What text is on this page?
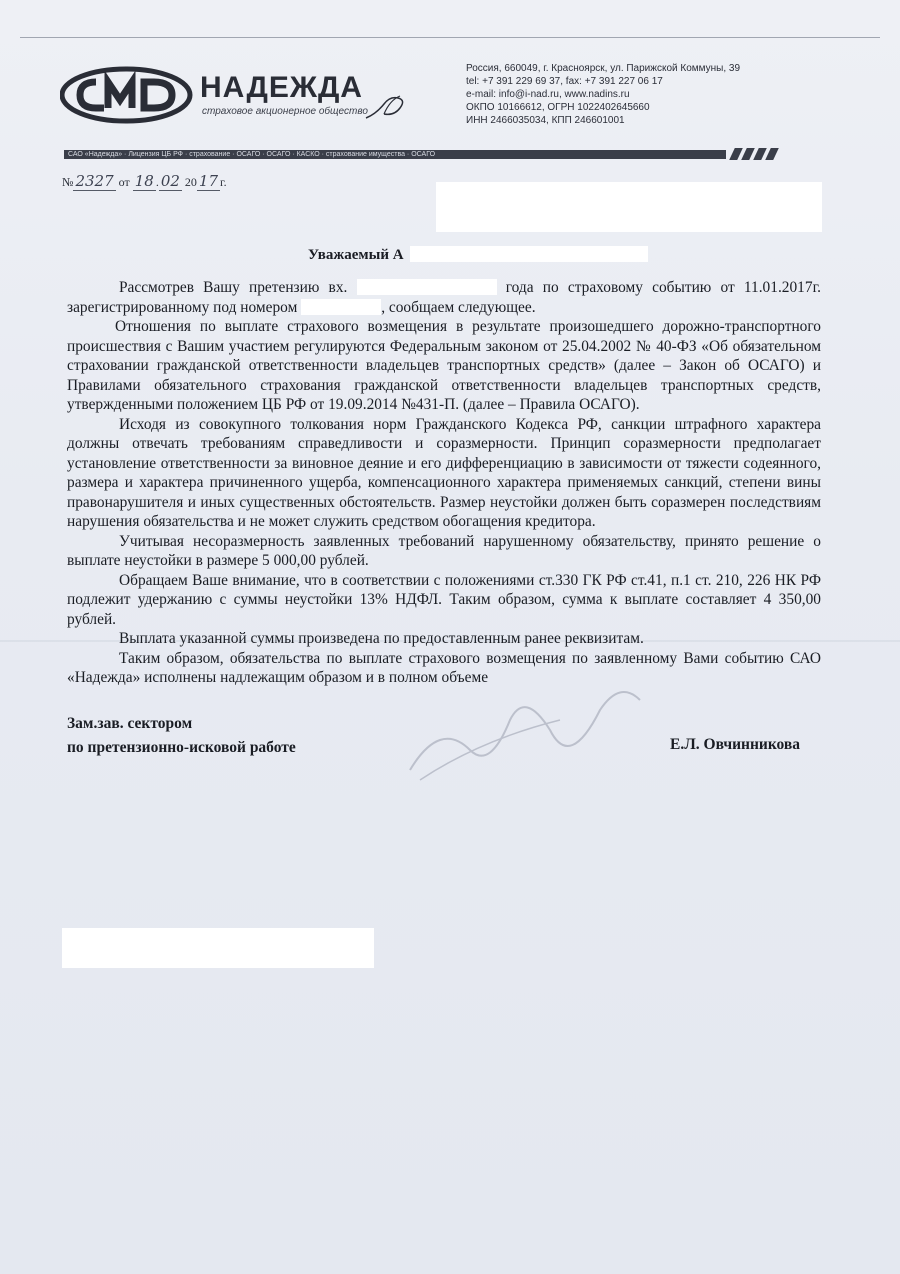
НАДЕЖДА
страховое акционерное общество
Россия, 660049, г. Красноярск, ул. Парижской Коммуны, 39
tel: +7 391 229 69 37, fax: +7 391 227 06 17
e-mail: info@i-nad.ru, www.nadins.ru
ОКПО 10166612, ОГРН 1022402645660
ИНН 2466035034, КПП 246601001
САО «Надежда» · Лицензия ЦБ РФ · страхование · ОСАГО · ОСАГО · КАСКО · страхование имущества · ОСАГО
№ 2327 от 18 . 02 20 17 г.
Уважаемый А

Рассмотрев Вашу претензию вх.	года по страховому событию от 11.01.2017г. зарегистрированному под номером	, сообщаем следующее.

Отношения по выплате страхового возмещения в результате произошедшего дорожно-транспортного происшествия с Вашим участием регулируются Федеральным законом от 25.04.2002 № 40-ФЗ «Об обязательном страховании гражданской ответственности владельцев транспортных средств» (далее – Закон об ОСАГО) и Правилами обязательного страхования гражданской ответственности владельцев транспортных средств, утвержденными положением ЦБ РФ от 19.09.2014 №431-П. (далее – Правила ОСАГО).

Исходя из совокупного толкования норм Гражданского Кодекса РФ, санкции штрафного характера должны отвечать требованиям справедливости и соразмерности. Принцип соразмерности предполагает установление ответственности за виновное деяние и его дифференциацию в зависимости от тяжести содеянного, размера и характера причиненного ущерба, компенсационного характера применяемых санкций, степени вины правонарушителя и иных существенных обстоятельств. Размер неустойки должен быть соразмерен последствиям нарушения обязательства и не может служить средством обогащения кредитора.

Учитывая несоразмерность заявленных требований нарушенному обязательству, принято решение о выплате неустойки в размере 5 000,00 рублей.

Обращаем Ваше внимание, что в соответствии с положениями ст.330 ГК РФ ст.41, п.1 ст. 210, 226 НК РФ подлежит удержанию с суммы неустойки 13% НДФЛ. Таким образом, сумма к выплате составляет 4 350,00 рублей.

Выплата указанной суммы произведена по предоставленным ранее реквизитам.

Таким образом, обязательства по выплате страхового возмещения по заявленному Вами событию САО «Надежда» исполнены надлежащим образом и в полном объеме

Зам.зав. сектором
по претензионно-исковой работе	Е.Л. Овчинникова
